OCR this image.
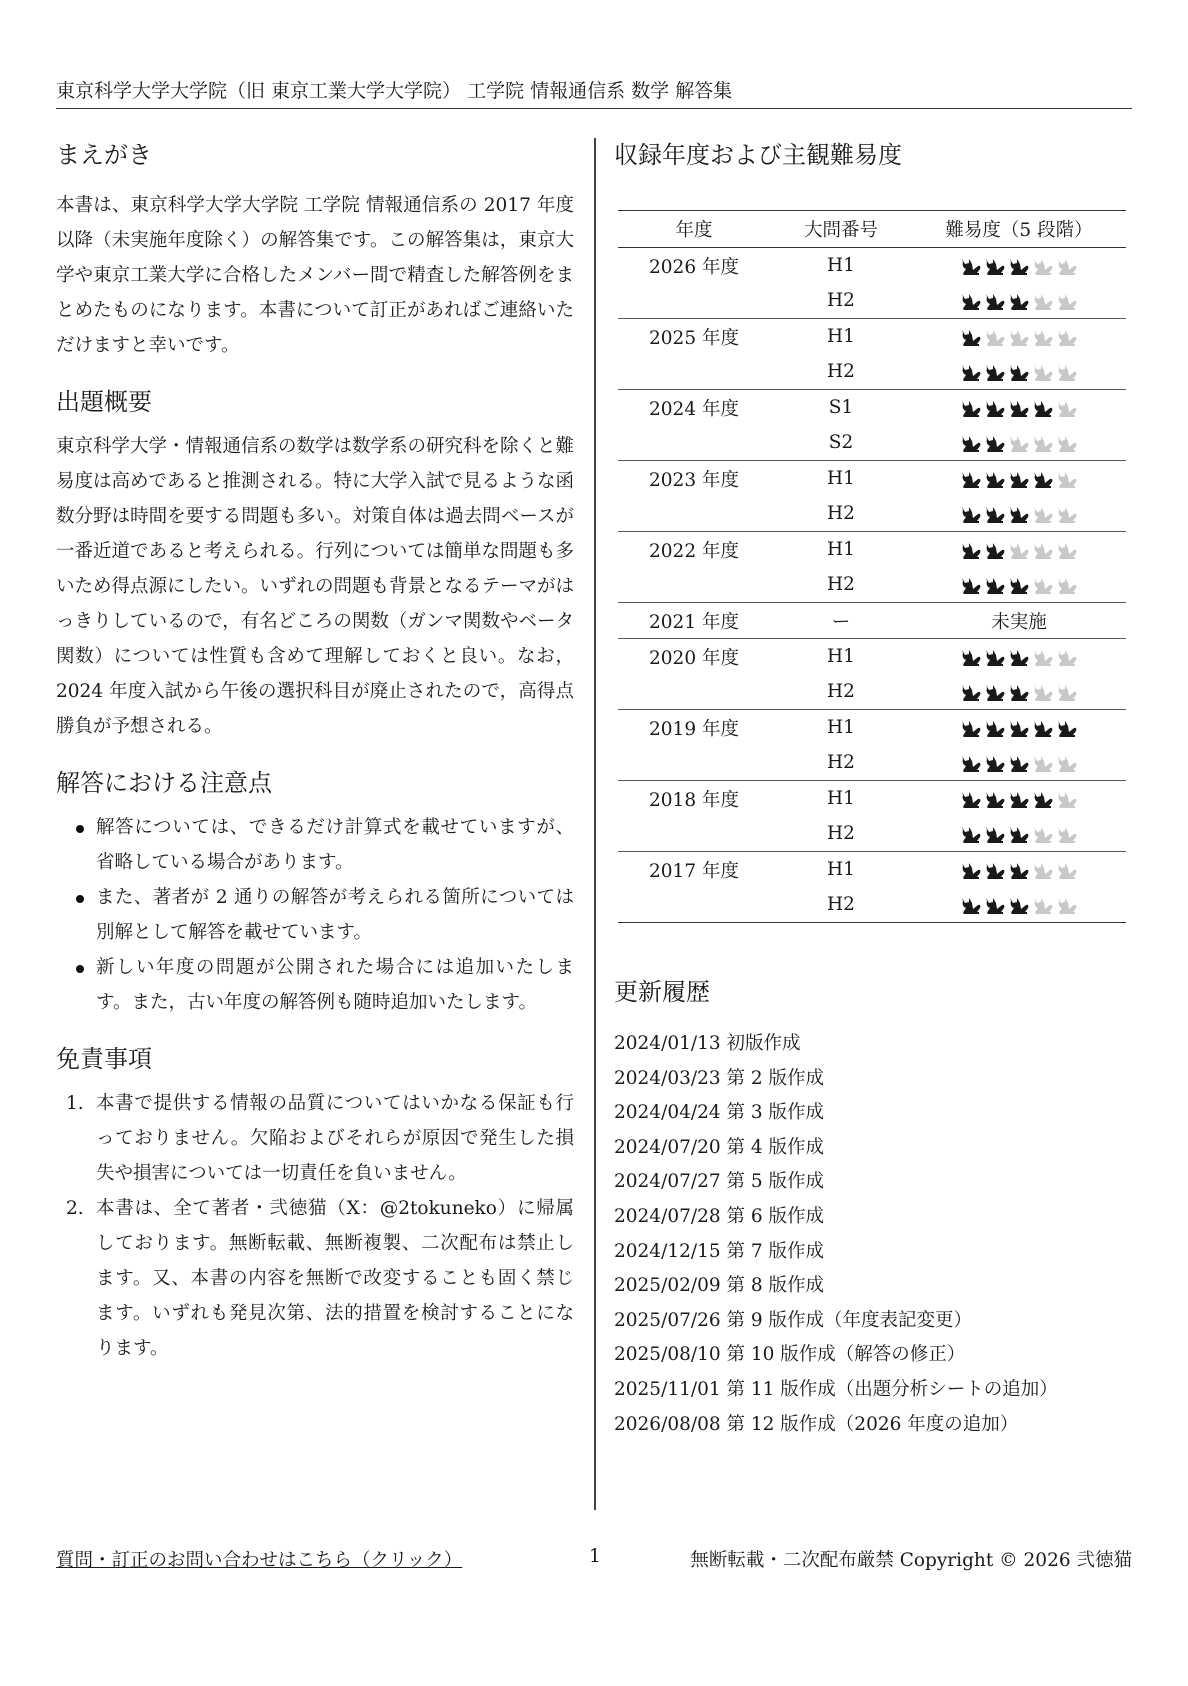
東京科学大学大学院（旧 東京工業大学大学院） 工学院 情報通信系 数学 解答集
まえがき

本書は、東京科学大学大学院 工学院 情報通信系の 2017 年度以降（未実施年度除く）の解答集です。この解答集は，東京大学や東京工業大学に合格したメンバー間で精査した解答例をまとめたものになります。本書について訂正があればご連絡いただけますと幸いです。

出題概要

東京科学大学・情報通信系の数学は数学系の研究科を除くと難易度は高めであると推測される。特に大学入試で見るような函数分野は時間を要する問題も多い。対策自体は過去問ベースが一番近道であると考えられる。行列については簡単な問題も多いため得点源にしたい。いずれの問題も背景となるテーマがはっきりしているので，有名どころの関数（ガンマ関数やベータ関数）については性質も含めて理解しておくと良い。なお，2024 年度入試から午後の選択科目が廃止されたので，高得点勝負が予想される。

解答における注意点
解答については、できるだけ計算式を載せていますが、省略している場合があります。
また、著者が 2 通りの解答が考えられる箇所については別解として解答を載せています。
新しい年度の問題が公開された場合には追加いたします。また，古い年度の解答例も随時追加いたします。
免責事項
1. 本書で提供する情報の品質についてはいかなる保証も行っておりません。欠陥およびそれらが原因で発生した損失や損害については一切責任を負いません。
2. 本書は、全て著者・弐徳猫（X：@2tokuneko）に帰属しております。無断転載、無断複製、二次配布は禁止します。又、本書の内容を無断で改変することも固く禁じます。いずれも発見次第、法的措置を検討することになります。
収録年度および主観難易度
年度	大問番号	難易度（5 段階）
2026 年度	H1	

	H2	

2025 年度	H1	

	H2	

2024 年度	S1	

	S2	

2023 年度	H1	

	H2	

2022 年度	H1	

	H2	

2021 年度	ー	未実施
2020 年度	H1	

	H2	

2019 年度	H1	

	H2	

2018 年度	H1	

	H2	

2017 年度	H1	

	H2	
更新履歴
2024/01/13 初版作成
2024/03/23 第 2 版作成
2024/04/24 第 3 版作成
2024/07/20 第 4 版作成
2024/07/27 第 5 版作成
2024/07/28 第 6 版作成
2024/12/15 第 7 版作成
2025/02/09 第 8 版作成
2025/07/26 第 9 版作成（年度表記変更）
2025/08/10 第 10 版作成（解答の修正）
2025/11/01 第 11 版作成（出題分析シートの追加）
2026/08/08 第 12 版作成（2026 年度の追加）
質問・訂正のお問い合わせはこちら（クリック）	1	無断転載・二次配布厳禁 Copyright © 2026 弐徳猫
